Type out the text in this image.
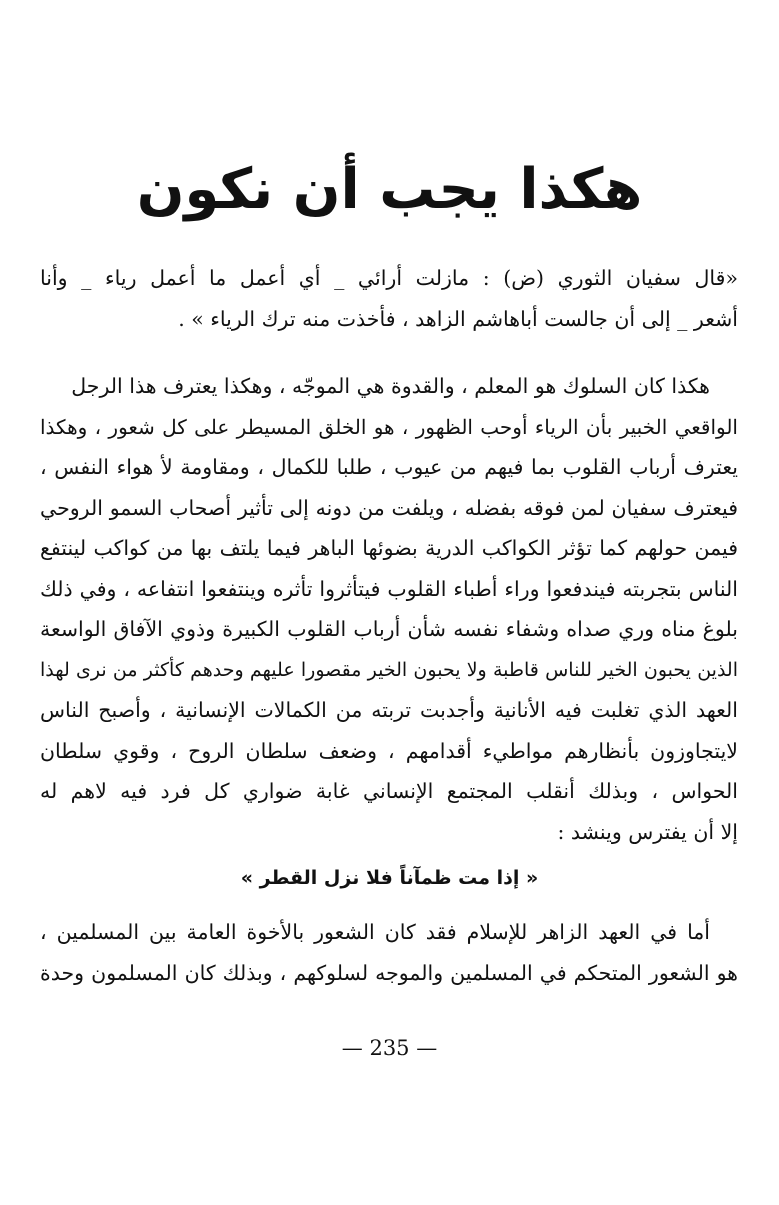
هكذا يجب أن نكون
«قال سفيان الثوري (ض) : مازلت أرائي _ أي أعمل ما أعمل رياء _ وأنا
أشعر _ إلى أن جالست أباهاشم الزاهد ، فأخذت منه ترك الرياء » .
هكذا كان السلوك هو المعلم ، والقدوة هي الموجّه ، وهكذا يعترف هذا الرجل
الواقعي الخبير بأن الرياء أوحب الظهور ، هو الخلق المسيطر على كل شعور ، وهكذا
يعترف أرباب القلوب بما فيهم من عيوب ، طلبا للكمال ، ومقاومة لأ هواء النفس ،
فيعترف سفيان لمن فوقه بفضله ، ويلفت من دونه إلى تأثير أصحاب السمو الروحي
فيمن حولهم كما تؤثر الكواكب الدرية بضوئها الباهر فيما يلتف بها من كواكب لينتفع
الناس بتجربته فيندفعوا وراء أطباء القلوب فيتأثروا تأثره وينتفعوا انتفاعه ، وفي ذلك
بلوغ مناه وري صداه وشفاء نفسه شأن أرباب القلوب الكبيرة وذوي الآفاق الواسعة
الذين يحبون الخير للناس قاطبة ولا يحبون الخير مقصورا عليهم وحدهم كأكثر من نرى لهذا
العهد الذي تغلبت فيه الأنانية وأجدبت تربته من الكمالات الإنسانية ، وأصبح الناس
لايتجاوزون بأنظارهم مواطيء أقدامهم ، وضعف سلطان الروح ، وقوي سلطان
الحواس ، وبذلك أنقلب المجتمع الإنساني غابة ضواري كل فرد فيه لاهم له
إلا أن يفترس وينشد :
« إذا مت ظمآناً فلا نزل القطر »
أما في العهد الزاهر للإسلام فقد كان الشعور بالأخوة العامة بين المسلمين ،
هو الشعور المتحكم في المسلمين والموجه لسلوكهم ، وبذلك كان المسلمون وحدة
— 235 —
